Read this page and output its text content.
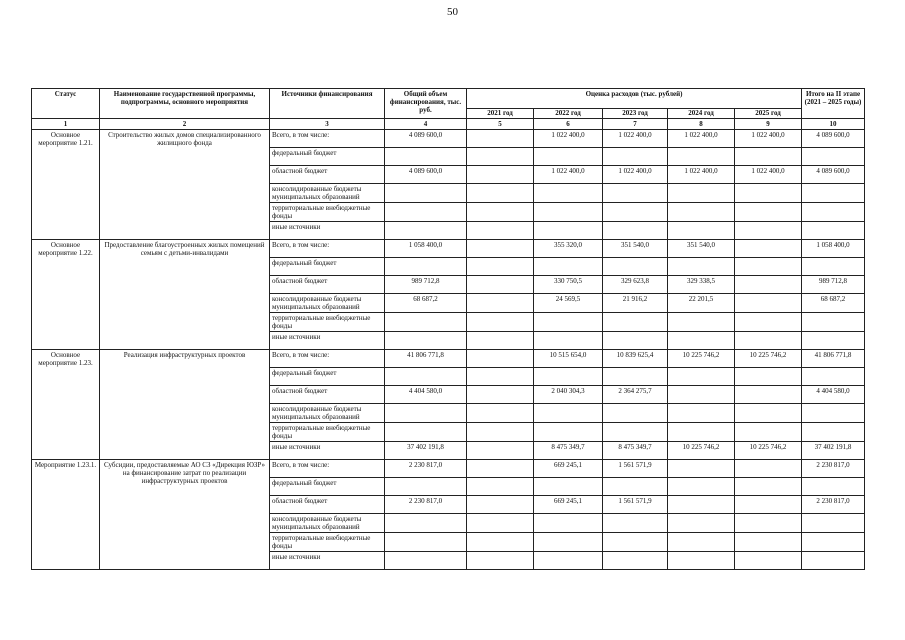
50
Статус	Наименование государственной программы, подпрограммы, основного мероприятия	Источники финансирования	Общий объем финансирования, тыс. руб.	Оценка расходов (тыс. рублей)					Итого на II этапе (2021 – 2025 годы)
				2021 год	2022 год	2023 год	2024 год	2025 год	
1	2	3	4	5	6	7	8	9	10
Основное мероприятие 1.21.	Строительство жилых домов специализированного жилищного фонда	Всего, в том числе:	4 089 600,0		1 022 400,0	1 022 400,0	1 022 400,0	1 022 400,0	4 089 600,0
		федеральный бюджет							
		областной бюджет	4 089 600,0		1 022 400,0	1 022 400,0	1 022 400,0	1 022 400,0	4 089 600,0
		консолидированные бюджеты муниципальных образований							
		территориальные внебюджетные фонды							
		иные источники							
Основное мероприятие 1.22.	Предоставление благоустроенных жилых помещений семьям с детьми-инвалидами	Всего, в том числе:	1 058 400,0		355 320,0	351 540,0	351 540,0		1 058 400,0
		федеральный бюджет							
		областной бюджет	989 712,8		330 750,5	329 623,8	329 338,5		989 712,8
		консолидированные бюджеты муниципальных образований	68 687,2		24 569,5	21 916,2	22 201,5		68 687,2
		территориальные внебюджетные фонды							
		иные источники							
Основное мероприятие 1.23.	Реализация инфраструктурных проектов	Всего, в том числе:	41 806 771,8		10 515 654,0	10 839 625,4	10 225 746,2	10 225 746,2	41 806 771,8
		федеральный бюджет							
		областной бюджет	4 404 580,0		2 040 304,3	2 364 275,7			4 404 580,0
		консолидированные бюджеты муниципальных образований							
		территориальные внебюджетные фонды							
		иные источники	37 402 191,8		8 475 349,7	8 475 349,7	10 225 746,2	10 225 746,2	37 402 191,8
Мероприятие 1.23.1.	Субсидии, предоставляемые АО СЗ «Дирекция ЮЗР» на финансирование затрат по реализации инфраструктурных проектов	Всего, в том числе:	2 230 817,0		669 245,1	1 561 571,9			2 230 817,0
		федеральный бюджет							
		областной бюджет	2 230 817,0		669 245,1	1 561 571,9			2 230 817,0
		консолидированные бюджеты муниципальных образований							
		территориальные внебюджетные фонды							
		иные источники							
